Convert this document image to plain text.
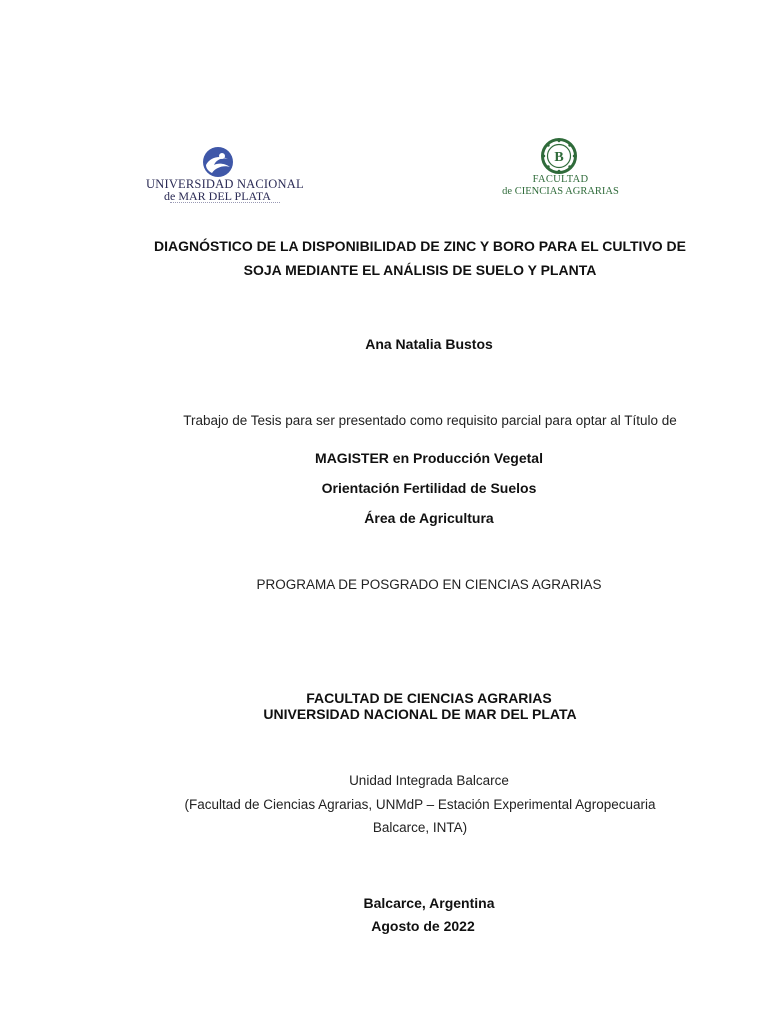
UNIVERSIDAD NACIONAL
de MAR DEL PLATA
B
FACULTAD
de CIENCIAS AGRARIAS
DIAGNÓSTICO DE LA DISPONIBILIDAD DE ZINC Y BORO PARA EL CULTIVO DE
SOJA MEDIANTE EL ANÁLISIS DE SUELO Y PLANTA
Ana Natalia Bustos
Trabajo de Tesis para ser presentado como requisito parcial para optar al Título de
MAGISTER en Producción Vegetal
Orientación Fertilidad de Suelos
Área de Agricultura
PROGRAMA DE POSGRADO EN CIENCIAS AGRARIAS
FACULTAD DE CIENCIAS AGRARIAS
UNIVERSIDAD NACIONAL DE MAR DEL PLATA
Unidad Integrada Balcarce
(Facultad de Ciencias Agrarias, UNMdP – Estación Experimental Agropecuaria
Balcarce, INTA)
Balcarce, Argentina
Agosto de 2022
